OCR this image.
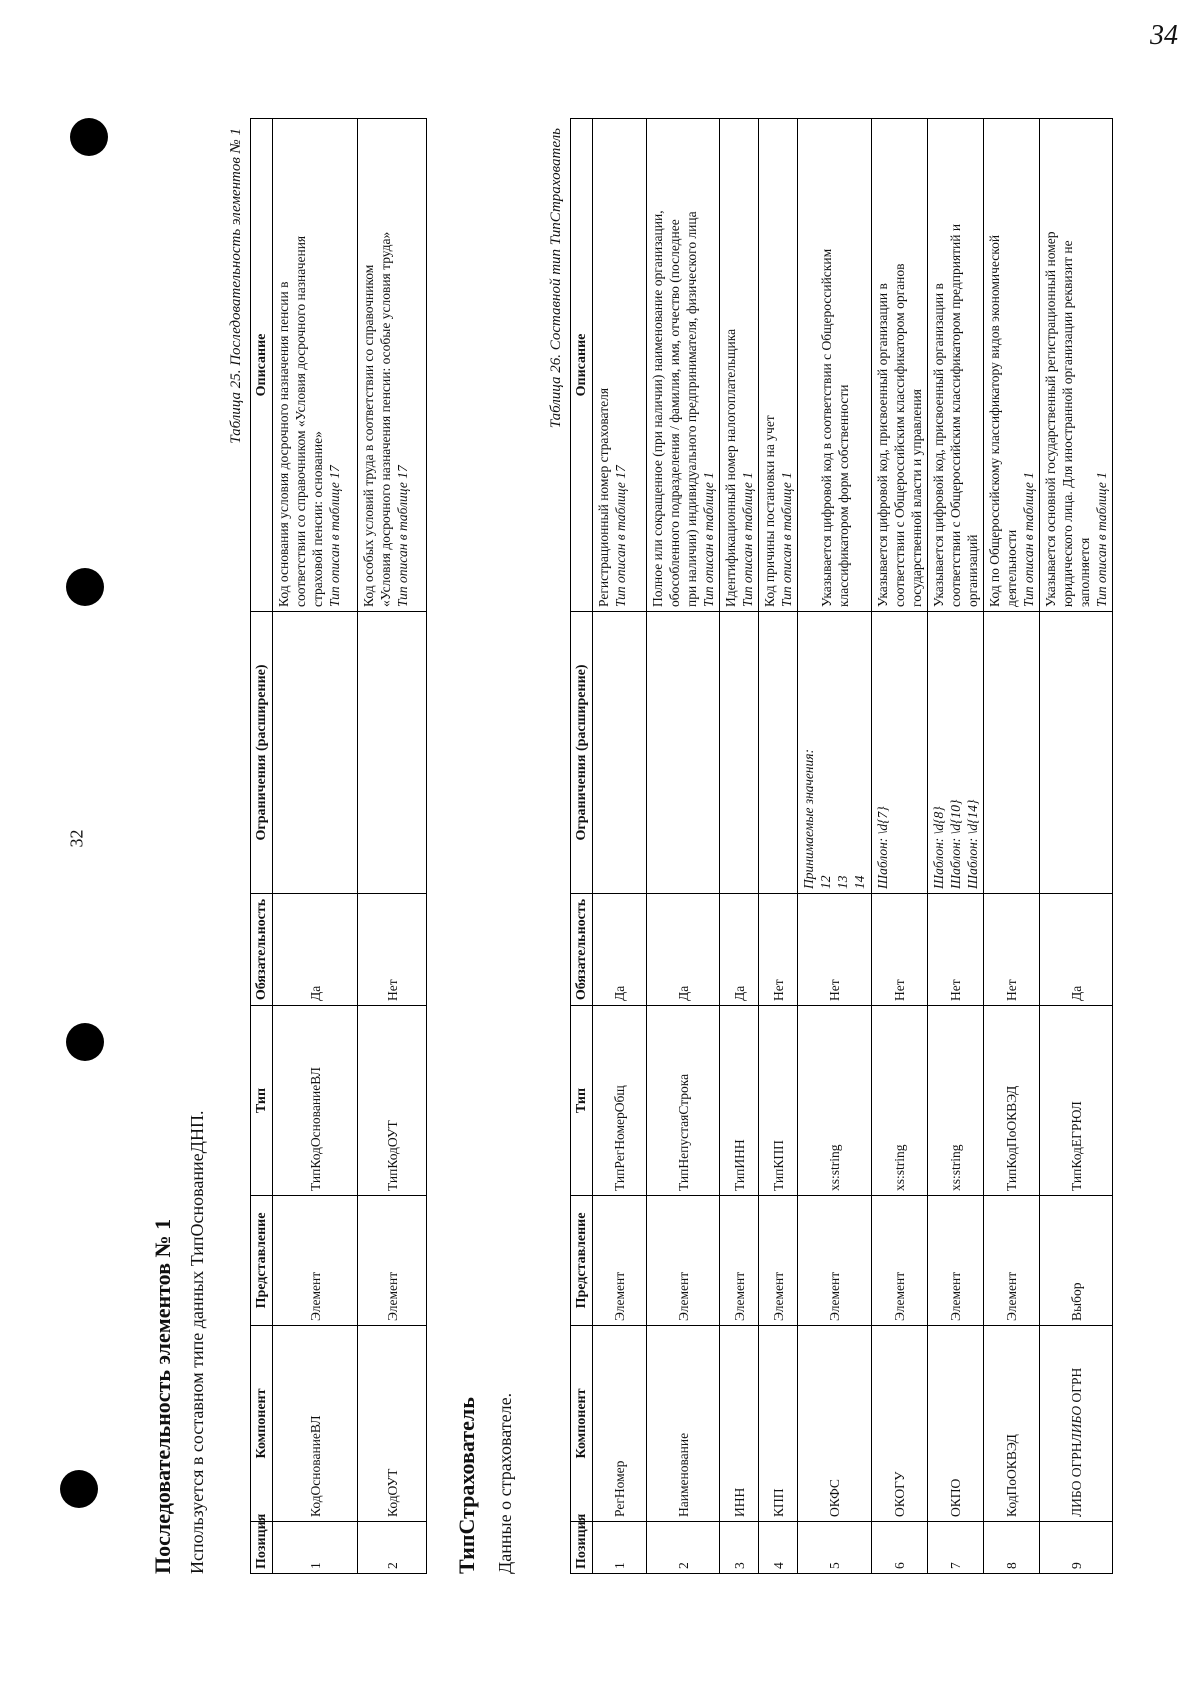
32
34
Последовательность элементов № 1 Используется в составном типе данных ТипОснованиеДНП.

Таблица 25. Последовательность элементов № 1
Позиция	Компонент	Представление	Тип	Обязательность	Ограничения (расширение)	Описание
1	КодОснованиеВЛ	Элемент	ТипКодОснованиеВЛ	Да		Код основания условия досрочного назначения пенсии в соответствии со справочником «Условия досрочного назначения страховой пенсии: основание» Тип описан в таблице 17

2	КодОУТ	Элемент	ТипКодОУТ	Нет		Код особых условий труда в соответствии со справочником «Условия досрочного назначения пенсии: особые условия труда» Тип описан в таблице 17
ТипСтрахователь Данные о страхователе.

Таблица 26. Составной тип ТипСтрахователь
Позиция	Компонент	Представление	Тип	Обязательность	Ограничения (расширение)	Описание
1	РегНомер	Элемент	ТипРегНомерОбщ	Да		Регистрационный номер страхователя Тип описан в таблице 17

2	Наименование	Элемент	ТипНепустаяСтрока	Да		Полное или сокращенное (при наличии) наименование организации, обособленного подразделения / фамилия, имя, отчество (последнее при наличии) индивидуального предпринимателя, физического лица Тип описан в таблице 1

3	ИНН	Элемент	ТипИНН	Да		Идентификационный номер налогоплательщика Тип описан в таблице 1

4	КПП	Элемент	ТипКПП	Нет		Код причины постановки на учет Тип описан в таблице 1

5	ОКФС	Элемент	xs:string	Нет	Принимаемые значения: 12 13 14	Указывается цифровой код в соответствии с Общероссийским классификатором форм собственности

6	ОКОГУ	Элемент	xs:string	Нет	Шаблон: \d{7}	Указывается цифровой код, присвоенный организации в соответствии с Общероссийским классификатором органов государственной власти и управления

7	ОКПО	Элемент	xs:string	Нет	Шаблон: \d{8} Шаблон: \d{10} Шаблон: \d{14}	Указывается цифровой код, присвоенный организации в соответствии с Общероссийским классификатором предприятий и организаций

8	КодПоОКВЭД	Элемент	ТипКодПоОКВЭД	Нет		Код по Общероссийскому классификатору видов экономической деятельности Тип описан в таблице 1

9	ЛИБО ОГРНЛИБО ОГРН	Выбор	ТипКодЕГРЮЛ	Да		Указывается основной государственный регистрационный номер юридического лица. Для иностранной организации реквизит не заполняется Тип описан в таблице 1
